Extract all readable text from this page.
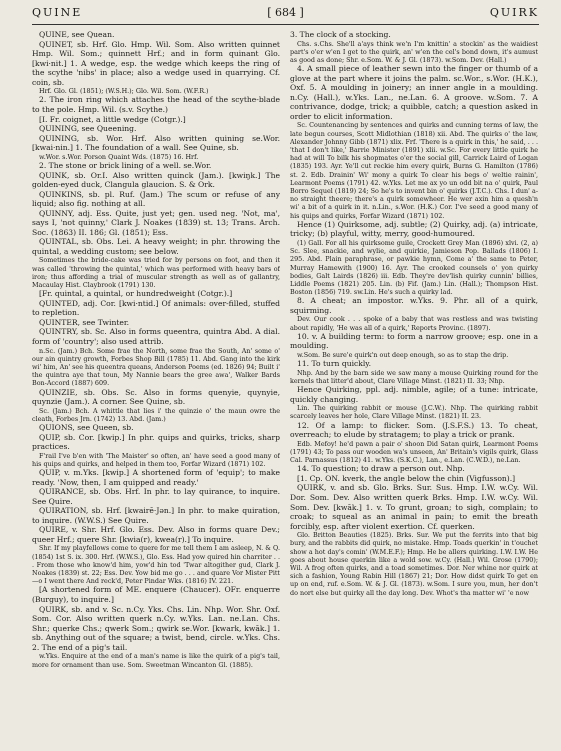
QUINE	[ 684 ]	QUIRK

QUINE, see Quean.

QUINET, sb. Hrf. Glo. Hmp. Wil. Som. Also written quinnet Hmp. Wil. Som.; quinnett Hrf.; and in form quinant Glo. [kwi·nit.] 1. A wedge, esp. the wedge which keeps the ring of the scythe 'nibs' in place; also a wedge used in quarrying. Cf. coin, sb.

Hrf. Glo. Gl. (1851); (W.S.H.); Glo. Wil. Som. (W.F.R.)

2. The iron ring which attaches the head of the scythe-blade to the pole. Hmp. Wil. (s.v. Scythe.)

[I. Fr. coignet, a little wedge (Cotgr.).]

QUINING, see Queening.

QUINING, sb. Wor. Hrf. Also written quining se.Wor. [kwai·nin.] 1. The foundation of a wall. See Quine, sb.

w.Wor. s.Wor. Porson Quaint Wds. (1875) 16. Hrf.

2. The stone or brick lining of a well. se.Wor.

QUINK, sb. Or.I. Also written quinck (Jam.). [kwiŋk.] The golden-eyed duck, Clangula glaucion. S. & Ork.

QUINKINS, sb. pl. Ruf. (Jam.) The scum or refuse of any liquid; also fig. nothing at all.

QUINNY, adj. Ess. Quite, just yet; gen. used neg. 'Not, ma', says I, 'not quinny,' Clark J. Noakes (1839) st. 13; Trans. Arch. Soc. (1863) II. 186; Gl. (1851); Ess.

QUINTAL, sb. Obs. Lei. A heavy weight; in phr. throwing the quintal, a wedding custom; see below.

Sometimes the bride-cake was tried for by persons on foot, and then it was called 'throwing the quintal,' which was performed with heavy bars of iron; thus affording a trial of muscular strength as well as of gallantry, Macaulay Hist. Claybrook (1791) 130.

[Fr. quintal, a quintal, or hundredweight (Cotgr.).]

QUINTED, adj. Cor. [kwi·ntid.] Of animals: over-filled, stuffed to repletion.

QUINTER, see Twinter.

QUINTRY, sb. Sc. Also in forms queentra, quintra Abd. A dial. form of 'country'; also used attrib.

n.Sc. (Jam.) Bch. Some frae the North, some frae the South, An' some o' our ain quintry growth, Forbes Shop Bill (1785) 11. Abd. Gang into the kirk wi' him, An' see his queentra queans, Anderson Poems (ed. 1826) 94; Built i' the quintra aye that toun, My Nannie bears the gree awa', Walker Bards Bon-Accord (1887) 609.

QUINZIE, sb. Obs. Sc. Also in forms quenyie, quynyie, quynzie (Jam.). A corner. See Quine, sb.

Sc. (Jam.) Bch. A whittle that lies i' the quinzie o' the maun owre the cleath, Forbes Jrn. (1742) 13. Abd. (Jam.)

QUIONS, see Queen, sb.

QUIP, sb. Cor. [kwip.] In phr. quips and quirks, tricks, sharp practices.

F'rail I've b'en with 'The Maister' so often, an' have seed a good many of his quips and quirks, and helped in them too, Forfar Wizard (1871) 102.

QUIP, v. m.Yks. [kwip.] A shortened form of 'equip'; to make ready. 'Now, then, I am quipped and ready.'

QUIRANCE, sb. Obs. Hrf. In phr. to lay quirance, to inquire. See Quire.

QUIRATION, sb. Hrf. [kwairē·Jən.] In phr. to make quiration, to inquire. (W.W.S.) See Quire.

QUIRE, v. Shr. Hrf. Glo. Ess. Dev. Also in forms quare Dev.; queer Hrf.; quere Shr. [kwia(r), kwea(r).] To inquire.

Shr. If my playfellows come to quere for me tell them I am asleep, N. & Q. (1854) 1st S. ix. 300. Hrf. (W.W.S.), Glo. Ess. Had yow quired hin charriter . . . From those who know'd him, yow'd hin tod 'Twar altogither gud, Clark J. Noakes (1839) st. 22; Ess. Dev. Yow bid me go . . . and quare Vor Mister Pitt —o I went there And reck'd, Peter Pindar Wks. (1816) IV. 221.

[A shortened form of ME. enquere (Chaucer). OFr. enquerre (Burguy), to inquire.]

QUIRK, sb. and v. Sc. n.Cy. Yks. Chs. Lin. Nhp. Wor. Shr. Oxf. Som. Cor. Also written querk n.Cy. w.Yks. Lan. ne.Lan. Chs. Shr.; querke Chs.; qwerk Som.; qwirk se.Wor. [kwark, kwāk.] 1. sb. Anything out of the square; a twist, bend, circle. w.Yks. Chs. 2. The end of a pig's tail.

w.Yks. Enquire at the end of a man's name is like the quirk of a pig's tail, more for ornament than use. Som. Sweetman Wincanton Gl. (1885).

3. The clock of a stocking.

Chs. s.Chs. She'll a'ays think we'n I'm knittin' a stockin' as the waidiest part's o'er w'en I get to the quirk, an' w'en the cel's bond down, it's aumust as good as done; Shr. e.Som. W. & J. Gl. (1873). w.Som. Dev. (Hall.)

4. A small piece of leather sewn into the finger or thumb of a glove at the part where it joins the palm. sc.Wor., s.Wor. (H.K.), Oxf. 5. A moulding in joinery; an inner angle in a moulding. n.Cy. (Hall.), w.Yks. Lan., ne.Lan. 6. A groove. w.Som. 7. A contrivance, dodge, trick; a quibble, catch; a question asked in order to elicit information.

Sc. Countenancing by sentences and quirks and cunning terms of law, the late begun courses, Scott Midlothian (1818) xii. Abd. The quirks o' the law, Alexander Johnny Gibb (1871) xlix. Frf. 'There is a quirk in this,' he said, . . . 'that I don't like,' Barrie Minister (1891) xlii. w.Sc. For every little quirk he had at will To bilk his shopmates o'er the social gill, Carrick Laird of Logan (1835) 193. Ayr. Ye'll cut reckie him every quirk, Burns G. Hamilton (1786) st. 2. Edb. Drainin' Wi' mony a quirk To clear his begs o' weltie rainin', Learmont Poems (1791) 42. w.Yks. Let me ax yo un odd bit na o' quirk, Paul Borro Sequel (1819) 24; So he's to invent bin o' quirks (J.T.C.). Chs. I dun' a-no straight theere; there's a quirk somewheer. He wer axin him a quesh'n wi' a bit of a quirk in it. n.Lin., s.Wor. (H.K.) Cor. I've seed a good many of his quips and quirks, Forfar Wizard (1871) 102.

Hence (1) Quirksome, adj. subtle; (2) Quirky, adj. (a) intricate, tricky; (b) playful, witty, merry, good-humoured.

(1) Gall. For all his quirksome guile, Crockett Grey Man (1896) xlvi. (2, a) Sc. Slee, snackie, and wylie, and quirkie, Jamieson Pop. Ballads (1806) I. 295. Abd. Plain paraphrase, or pawkie hymn, Come a' the same to Peter, Murray Hamewith (1900) 16. Ayr. The crooked counsels o' yon quirky bodies, Galt Lairds (1826) iii. Edb. They're dev'lish quirky cunnin' billies, Liddle Poems (1821) 205. Lin. (b) Fif. (Jam.) Lin. (Hall.); Thompson Hist. Boston (1856) 719. sw.Lin. He's such a quirky lad.

8. A cheat; an impostor. w.Yks. 9. Phr. all of a quirk, squirming.

Dev. Our cook . . . spoke of a baby that was restless and was twisting about rapidly, 'He was all of a quirk,' Reports Provinc. (1897).

10. v. A building term: to form a narrow groove; esp. one in a moulding.

w.Som. Be sure'e quirk'n out deep enough, so as to stap the drip.

11. To turn quickly.

Nhp. And by the barn side we saw many a mouse Quirking round for the kernels that litter'd about, Clare Village Minst. (1821) II. 33; Nhp.

Hence Quirking, ppl. adj. nimble, agile; of a tune: intricate, quickly changing.

Lin. The quirking rabbit or mouse (J.C.W.). Nhp. The quirking rabbit scarcely leaves her hole, Clare Village Minst. (1821) II. 23.

12. Of a lamp: to flicker. Som. (J.S.F.S.) 13. To cheat, overreach; to elude by stratagem; to play a trick or prank.

Edb. Mefoy! he'd pawn a pair o' shoon Did Satan quirk, Learmont Poems (1791) 43; To pass our wooden wa's unseen, An' Britain's vigils quirk, Glass Cal. Parnassus (1812) 41. w.Yks. (S.K.C.), Lan., e.Lan. (C.W.D.), ne.Lan.

14. To question; to draw a person out. Nhp.

[1. Cp. ON. kverk, the angle below the chin (Vigfusson).]

QUIRK, v. and sb. Glo. Brks. Sur. Sus. Hmp. I.W. w.Cy. Wil. Dor. Som. Dev. Also written querk Brks. Hmp. I.W. w.Cy. Wil. Som. Dev. [kwāk.] 1. v. To grunt, groan; to sigh, complain; to croak; to squeal as an animal in pain; to emit the breath forcibly, esp. after violent exertion. Cf. querken.

Glo. Britton Beauties (1825). Brks. Sur. We put the ferrits into that big bury, and the rabbits did quirk, no mistake. Hmp. Toads querkin' in t'ouchet show a hot day's comin' (W.M.E.F.); Hmp. He be allers quirking. I.W. I.W. He goes about house querkin like a wold sow. w.Cy. (Hall.) Wil. Grose (1790); Wil. A frog often quirks, and a toad sometimes. Dor. Ner whine nor quirk at sich a fashion, Young Rabin Hill (1867) 21; Dor. How didst quirk To get en up on end, ruf. e.Som. W. & J. Gl. (1873). w.Som. I sure you, mun, her don't do nort else but quirky all the day long. Dev. Whot's tha matter wi' 'e now
